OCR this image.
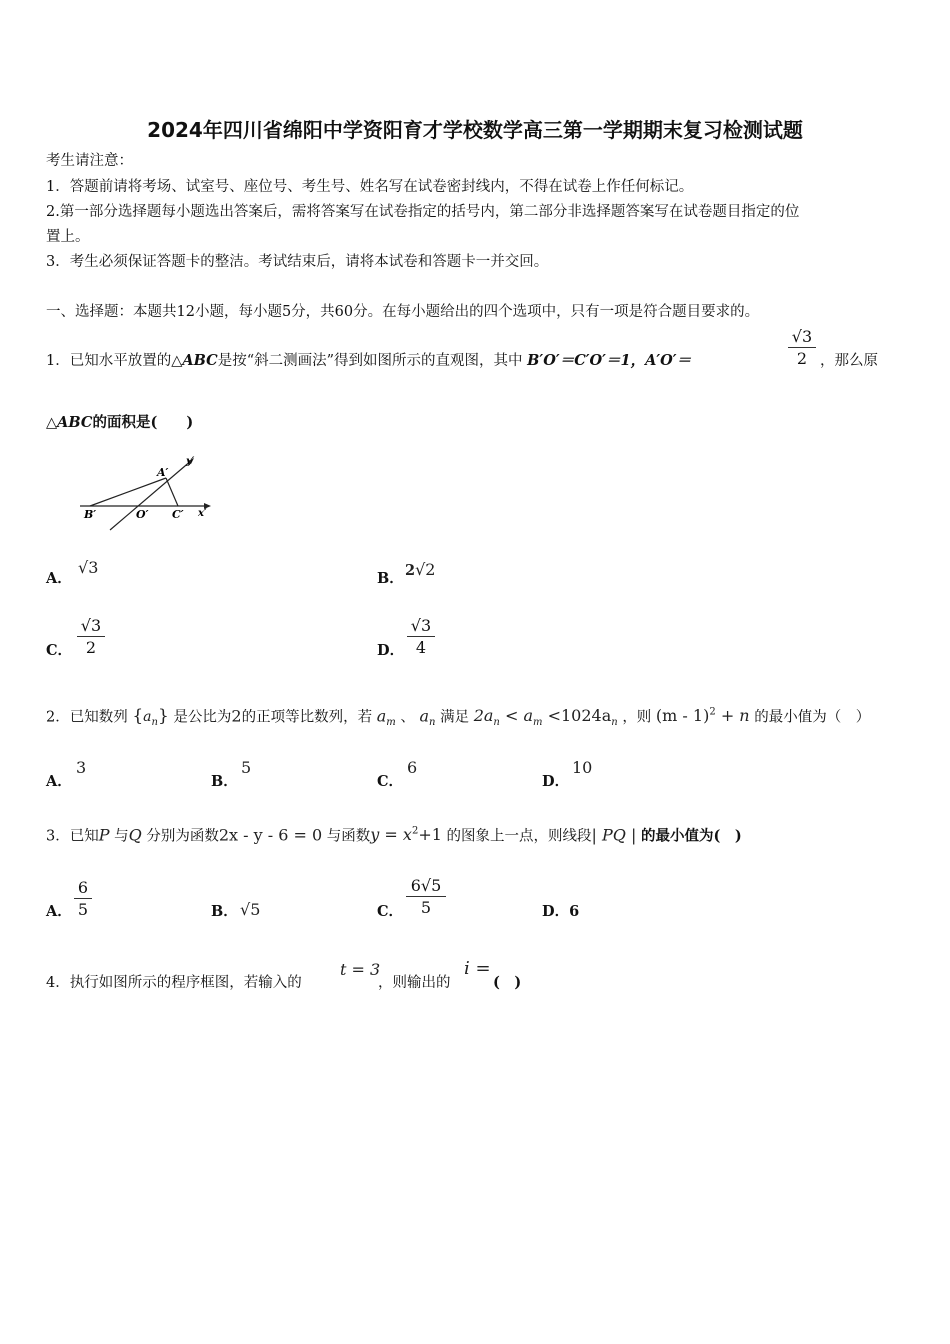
2024年四川省绵阳中学资阳育才学校数学高三第一学期期末复习检测试题
考生请注意：
1．答题前请将考场、试室号、座位号、考生号、姓名写在试卷密封线内，不得在试卷上作任何标记。
2.第一部分选择题每小题选出答案后，需将答案写在试卷指定的括号内，第二部分非选择题答案写在试卷题目指定的位
置上。
3．考生必须保证答题卡的整洁。考试结束后，请将本试卷和答题卡一并交回。
一、选择题：本题共12小题，每小题5分，共60分。在每小题给出的四个选项中，只有一项是符合题目要求的。
1．已知水平放置的△ABC是按“斜二测画法”得到如图所示的直观图，其中 B′O′＝C′O′＝1，A′O′＝
√3
2 ，那么原
△ABC的面积是(　　)
A′
B′	O′ C′ x′
y′
A．
√3
B． 2√2
C．
√3
2	D．
√3
4
2．已知数列 $\{a_n\}$ 是公比为2的正项等比数列，若 $a_m$ 、 $a_n$ 满足 $2a_n < a_m <1024a_n$ ，则 (m - 1)$^2$ + n 的最小值为（　）
A．
3
B．
5
C．
6
D．
10
3．已知P 与Q 分别为函数2x - y - 6 = 0 与函数$y = x^2+1$ 的图象上一点，则线段| PQ | 的最小值为(　)
A．
6
5	B． √5	C．
6√5
5	D．6
4．执行如图所示的程序框图，若输入的
t = 3
，则输出的
i =
(　)
